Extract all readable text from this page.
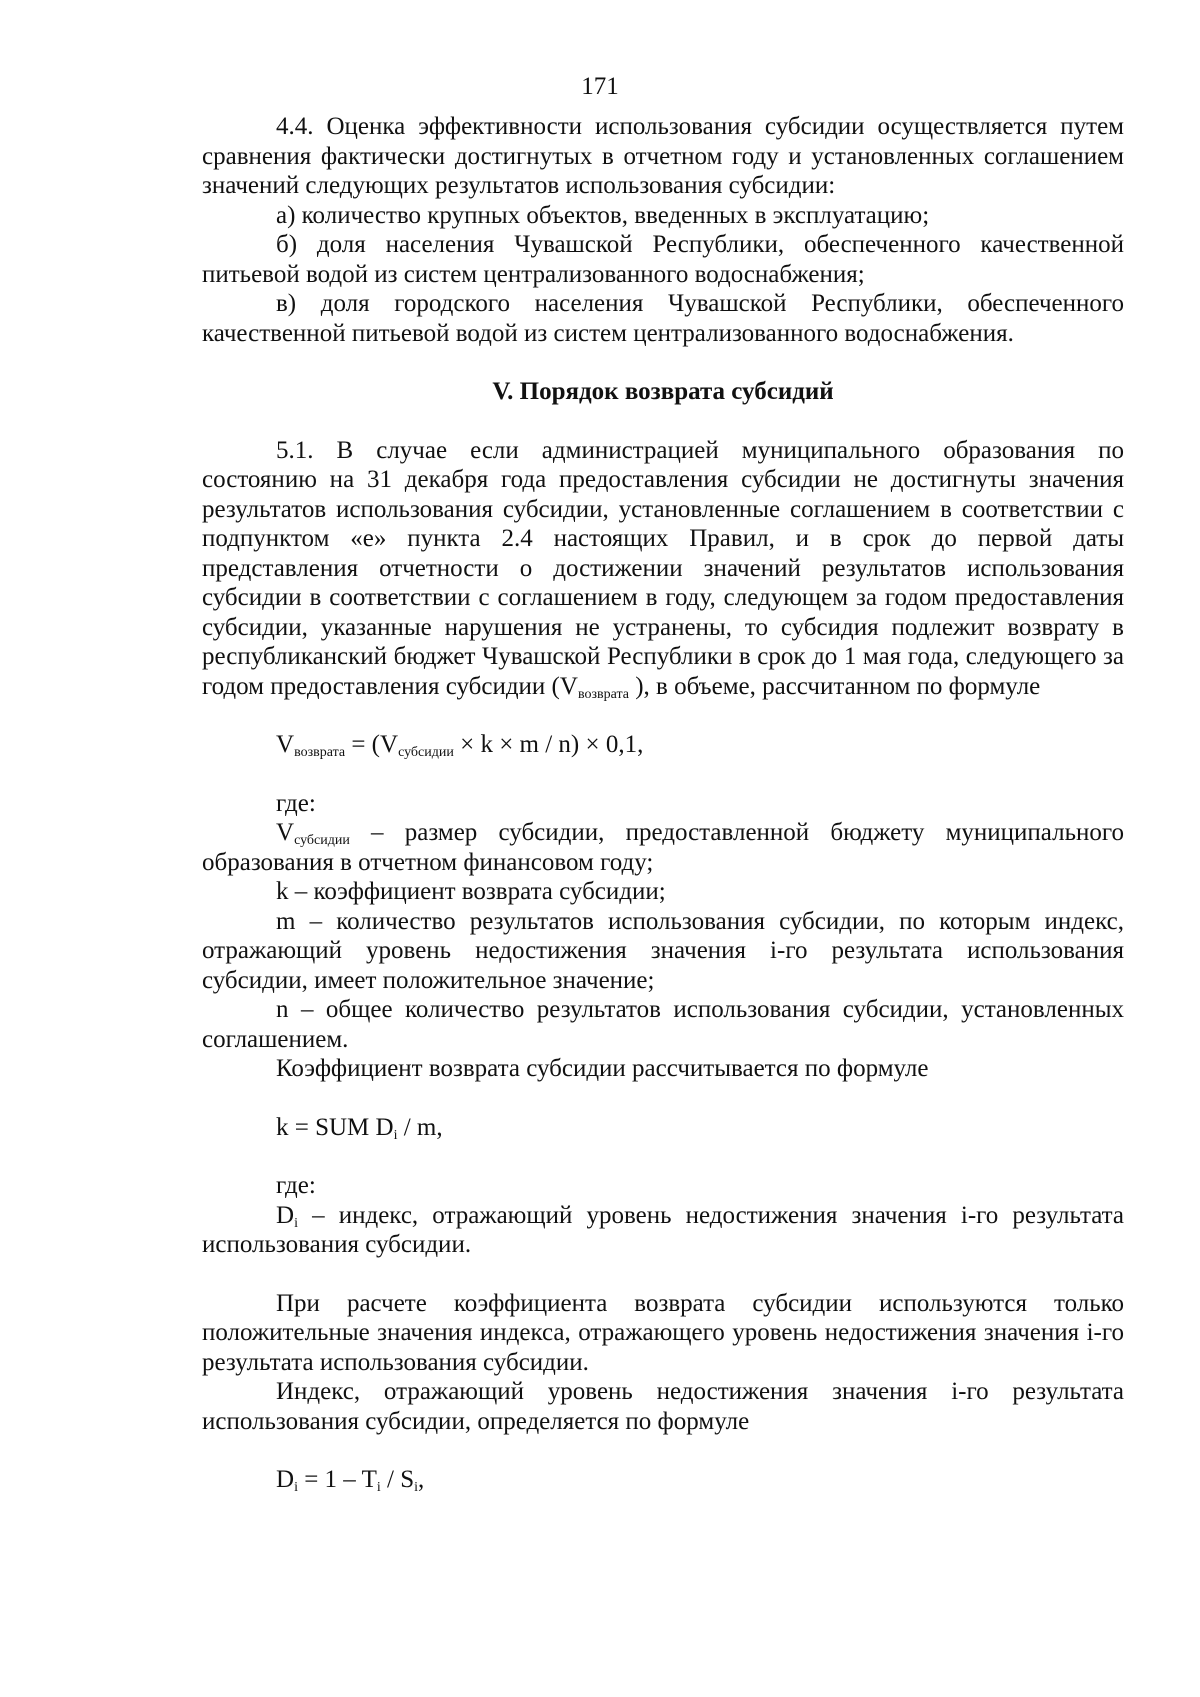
171

4.4. Оценка эффективности использования субсидии осуществляется путем сравнения фактически достигнутых в отчетном году и установленных соглашением значений следующих результатов использования субсидии:

а) количество крупных объектов, введенных в эксплуатацию;

б) доля населения Чувашской Республики, обеспеченного качественной питьевой водой из систем централизованного водоснабжения;

в) доля городского населения Чувашской Республики, обеспеченного качественной питьевой водой из систем централизованного водоснабжения.

V. Порядок возврата субсидий

5.1. В случае если администрацией муниципального образования по состоянию на 31 декабря года предоставления субсидии не достигнуты значения результатов использования субсидии, установленные соглашением в соответствии с подпунктом «е» пункта 2.4 настоящих Правил, и в срок до первой даты представления отчетности о достижении значений результатов использования субсидии в соответствии с соглашением в году, следующем за годом предоставления субсидии, указанные нарушения не устранены, то субсидия подлежит возврату в республиканский бюджет Чувашской Республики в срок до 1 мая года, следующего за годом предоставления субсидии ($V_{возврата}$ ), в объеме, рассчитанном по формуле

$V_{возврата} = (V_{субсидии} \times k \times m / n) \times 0,1$,

где:

$V_{субсидии}$ – размер субсидии, предоставленной бюджету муниципального образования в отчетном финансовом году;

k – коэффициент возврата субсидии;

m – количество результатов использования субсидии, по которым индекс, отражающий уровень недостижения значения i-го результата использования субсидии, имеет положительное значение;

n – общее количество результатов использования субсидии, установленных соглашением.

Коэффициент возврата субсидии рассчитывается по формуле

k = SUM $D_i$ / m,

где:

$D_i$ – индекс, отражающий уровень недостижения значения i-го результата использования субсидии.

При расчете коэффициента возврата субсидии используются только положительные значения индекса, отражающего уровень недостижения значения i-го результата использования субсидии.

Индекс, отражающий уровень недостижения значения i-го результата использования субсидии, определяется по формуле

$D_i = 1 - T_i / S_i$,
